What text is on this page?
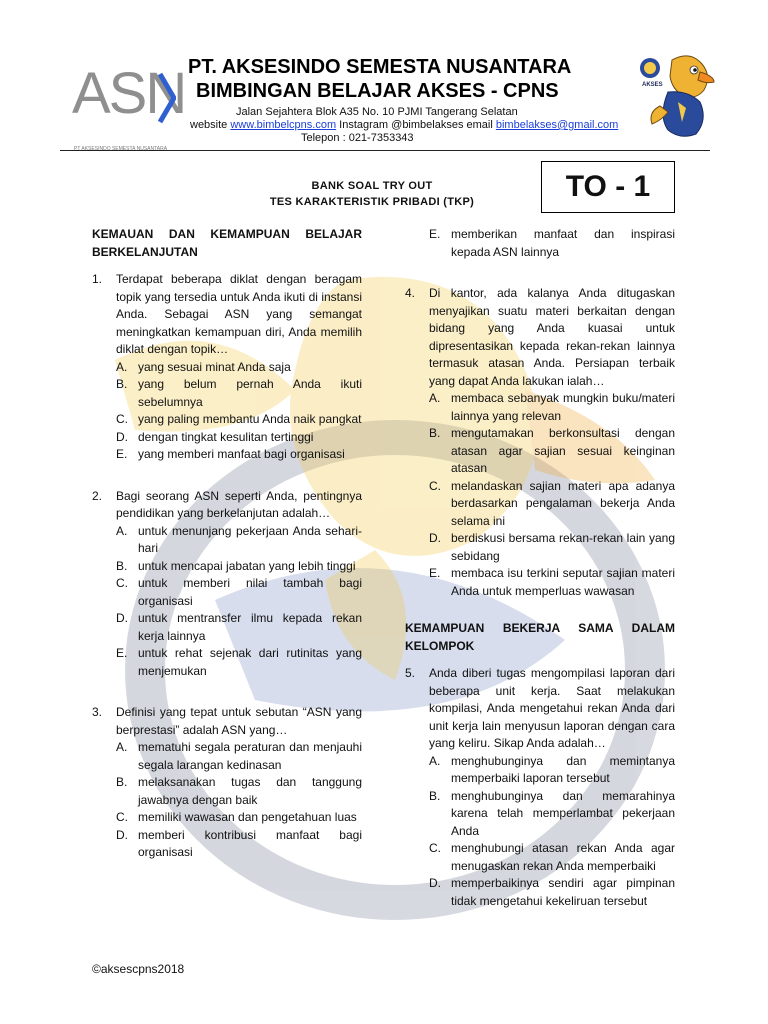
ASN
PT AKSESINDO SEMESTA NUSANTARA
PT. AKSESINDO SEMESTA NUSANTARA
BIMBINGAN BELAJAR AKSES - CPNS
Jalan Sejahtera Blok A35 No. 10 PJMI Tangerang Selatan
website www.bimbelcpns.com Instagram @bimbelakses email bimbelakses@gmail.com
Telepon : 021-7353343
AKSES
BANK SOAL TRY OUT
TES KARAKTERISTIK PRIBADI (TKP)	TO - 1
KEMAUAN DAN KEMAMPUAN BELAJAR BERKELANJUTAN
1.	Terdapat beberapa diklat dengan beragam topik yang tersedia untuk Anda ikuti di instansi Anda. Sebagai ASN yang semangat meningkatkan kemampuan diri, Anda memilih diklat dengan topik…
A. yang sesuai minat Anda saja
B. yang belum pernah Anda ikuti sebelumnya
C. yang paling membantu Anda naik pangkat
D. dengan tingkat kesulitan tertinggi
E. yang memberi manfaat bagi organisasi
2.	Bagi seorang ASN seperti Anda, pentingnya pendidikan yang berkelanjutan adalah…
A. untuk menunjang pekerjaan Anda sehari-hari
B. untuk mencapai jabatan yang lebih tinggi
C. untuk memberi nilai tambah bagi organisasi
D. untuk mentransfer ilmu kepada rekan kerja lainnya
E. untuk rehat sejenak dari rutinitas yang menjemukan
3.	Definisi yang tepat untuk sebutan “ASN yang berprestasi” adalah ASN yang…
A. mematuhi segala peraturan dan menjauhi segala larangan kedinasan
B. melaksanakan tugas dan tanggung jawabnya dengan baik
C. memiliki wawasan dan pengetahuan luas
D. memberi kontribusi manfaat bagi organisasi
E. memberikan manfaat dan inspirasi kepada ASN lainnya
4.	Di kantor, ada kalanya Anda ditugaskan menyajikan suatu materi berkaitan dengan bidang yang Anda kuasai untuk dipresentasikan kepada rekan-rekan lainnya termasuk atasan Anda. Persiapan terbaik yang dapat Anda lakukan ialah…
A. membaca sebanyak mungkin buku/materi lainnya yang relevan
B. mengutamakan berkonsultasi dengan atasan agar sajian sesuai keinginan atasan
C. melandaskan sajian materi apa adanya berdasarkan pengalaman bekerja Anda selama ini
D. berdiskusi bersama rekan-rekan lain yang sebidang
E. membaca isu terkini seputar sajian materi Anda untuk memperluas wawasan
KEMAMPUAN BEKERJA SAMA DALAM KELOMPOK
5.	Anda diberi tugas mengompilasi laporan dari beberapa unit kerja. Saat melakukan kompilasi, Anda mengetahui rekan Anda dari unit kerja lain menyusun laporan dengan cara yang keliru. Sikap Anda adalah…
A. menghubunginya dan memintanya memperbaiki laporan tersebut
B. menghubunginya dan memarahinya karena telah memperlambat pekerjaan Anda
C. menghubungi atasan rekan Anda agar menugaskan rekan Anda memperbaiki
D. memperbaikinya sendiri agar pimpinan tidak mengetahui kekeliruan tersebut
©aksescpns2018
